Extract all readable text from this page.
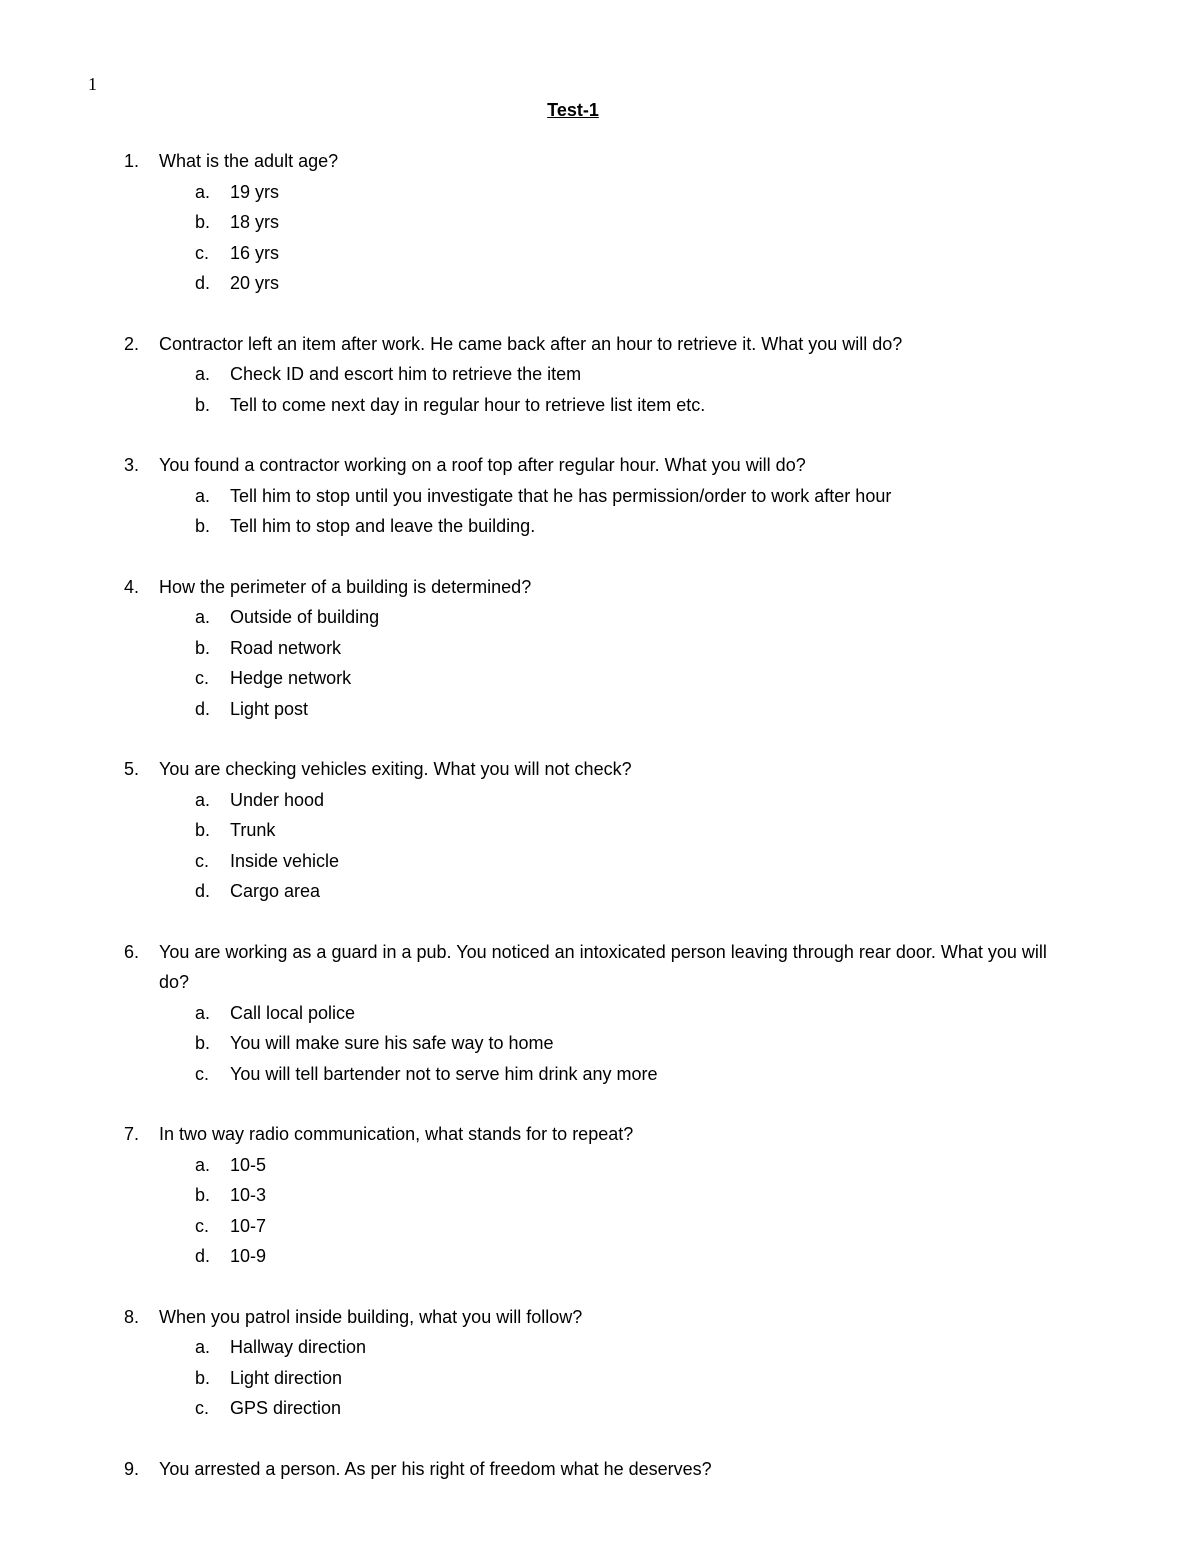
1
Test-1
1.	What is the adult age?
a.	19 yrs
b.	18 yrs
c.	16 yrs
d.	20 yrs
2.	Contractor left an item after work. He came back after an hour to retrieve it. What you will do?
a.	Check ID and escort him to retrieve the item
b.	Tell to come next day in regular hour to retrieve list item etc.
3.	You found a contractor working on a roof top after regular hour. What you will do?
a.	Tell him to stop until you investigate that he has permission/order to work after hour
b.	Tell him to stop and leave the building.
4.	How the perimeter of a building is determined?
a.	Outside of building
b.	Road network
c.	Hedge network
d.	Light post
5.	You are checking vehicles exiting. What you will not check?
a.	Under hood
b.	Trunk
c.	Inside vehicle
d.	Cargo area
6.	You are working as a guard in a pub. You noticed an intoxicated person leaving through rear door. What you will do?
a.	Call local police
b.	You will make sure his safe way to home
c.	You will tell bartender not to serve him drink any more
7.	In two way radio communication, what stands for to repeat?
a.	10-5
b.	10-3
c.	10-7
d.	10-9
8.	When you patrol inside building, what you will follow?
a.	Hallway direction
b.	Light direction
c.	GPS direction
9.	You arrested a person. As per his right of freedom what he deserves?
